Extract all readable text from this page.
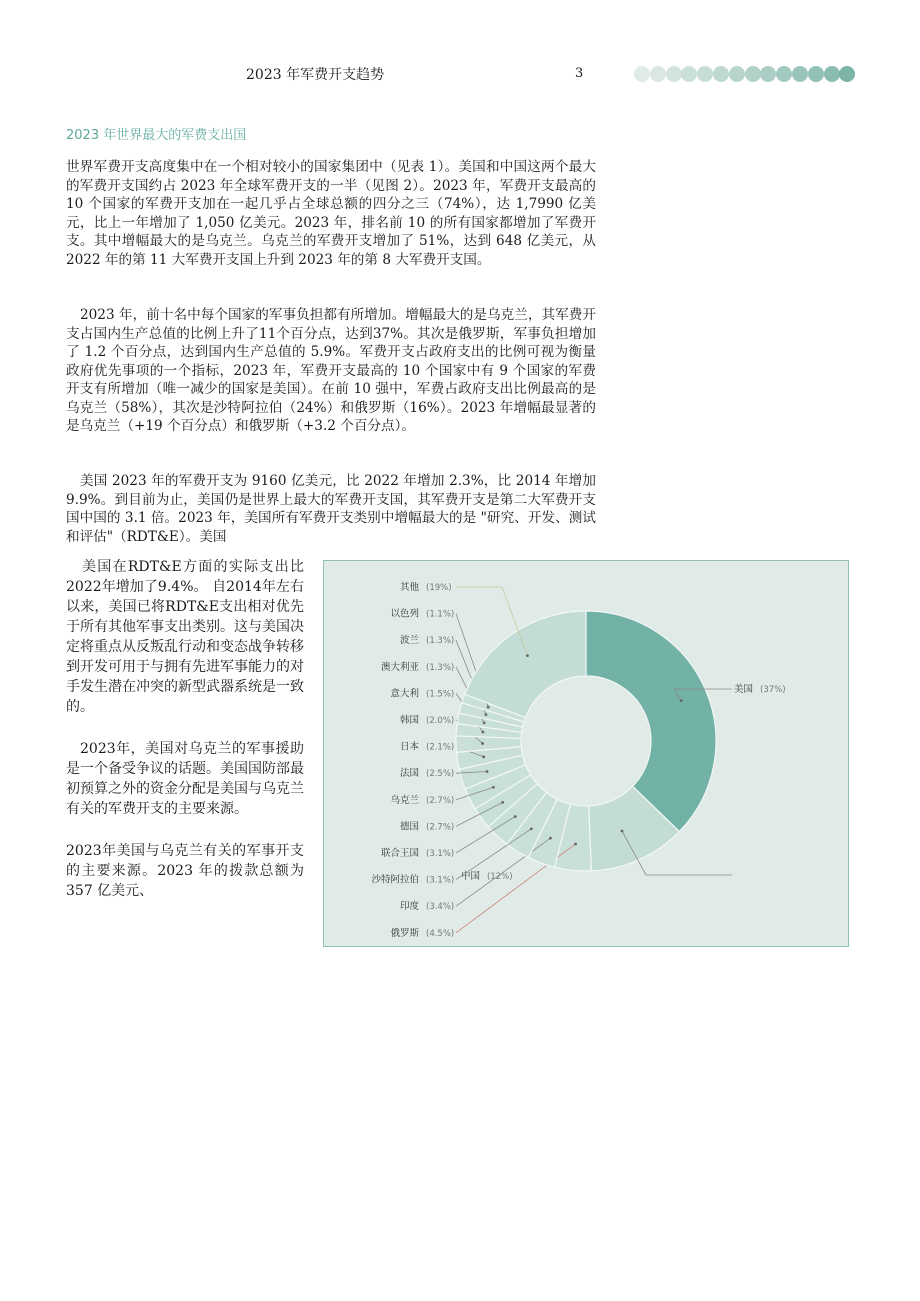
2023 年军费开支趋势	3
2023 年世界最大的军费支出国

世界军费开支高度集中在一个相对较小的国家集团中（见表 1）。美国和中国这两个最大的军费开支国约占 2023 年全球军费开支的一半（见图 2）。2023 年，军费开支最高的 10 个国家的军费开支加在一起几乎占全球总额的四分之三（74%），达 1,7990 亿美元，比上一年增加了 1,050 亿美元。2023 年，排名前 10 的所有国家都增加了军费开支。其中增幅最大的是乌克兰。乌克兰的军费开支增加了 51%，达到 648 亿美元，从 2022 年的第 11 大军费开支国上升到 2023 年的第 8 大军费开支国。

2023 年，前十名中每个国家的军事负担都有所增加。增幅最大的是乌克兰，其军费开支占国内生产总值的比例上升了11个百分点，达到37%。其次是俄罗斯，军事负担增加了 1.2 个百分点，达到国内生产总值的 5.9%。军费开支占政府支出的比例可视为衡量政府优先事项的一个指标，2023 年，军费开支最高的 10 个国家中有 9 个国家的军费开支有所增加（唯一减少的国家是美国）。在前 10 强中，军费占政府支出比例最高的是乌克兰（58%），其次是沙特阿拉伯（24%）和俄罗斯（16%）。2023 年增幅最显著的是乌克兰（+19 个百分点）和俄罗斯（+3.2 个百分点）。

美国 2023 年的军费开支为 9160 亿美元，比 2022 年增加 2.3%，比 2014 年增加 9.9%。到目前为止，美国仍是世界上最大的军费开支国，其军费开支是第二大军费开支国中国的 3.1 倍。2023 年，美国所有军费开支类别中增幅最大的是 "研究、开发、测试和评估"（RDT&E）。美国

美国在RDT&E方面的实际支出比2022年增加了9.4%。 自2014年左右以来，美国已将RDT&E支出相对优先于所有其他军事支出类别。这与美国决定将重点从反叛乱行动和变态战争转移到开发可用于与拥有先进军事能力的对手发生潜在冲突的新型武器系统是一致的。

2023年，美国对乌克兰的军事援助是一个备受争议的话题。美国国防部最初预算之外的资金分配是美国与乌克兰有关的军费开支的主要来源。

2023年美国与乌克兰有关的军事开支的主要来源。2023 年的拨款总额为 357 亿美元、

美国 (37%)
中国 (12%)
俄罗斯 (4.5%)
印度 (3.4%)
沙特阿拉伯 (3.1%)
联合王国 (3.1%)
德国 (2.7%)
乌克兰 (2.7%)
法国 (2.5%)
日本 (2.1%)
韩国 (2.0%)
意大利 (1.5%)
澳大利亚 (1.3%)
波兰 (1.3%)
以色列 (1.1%)
其他 (19%)
